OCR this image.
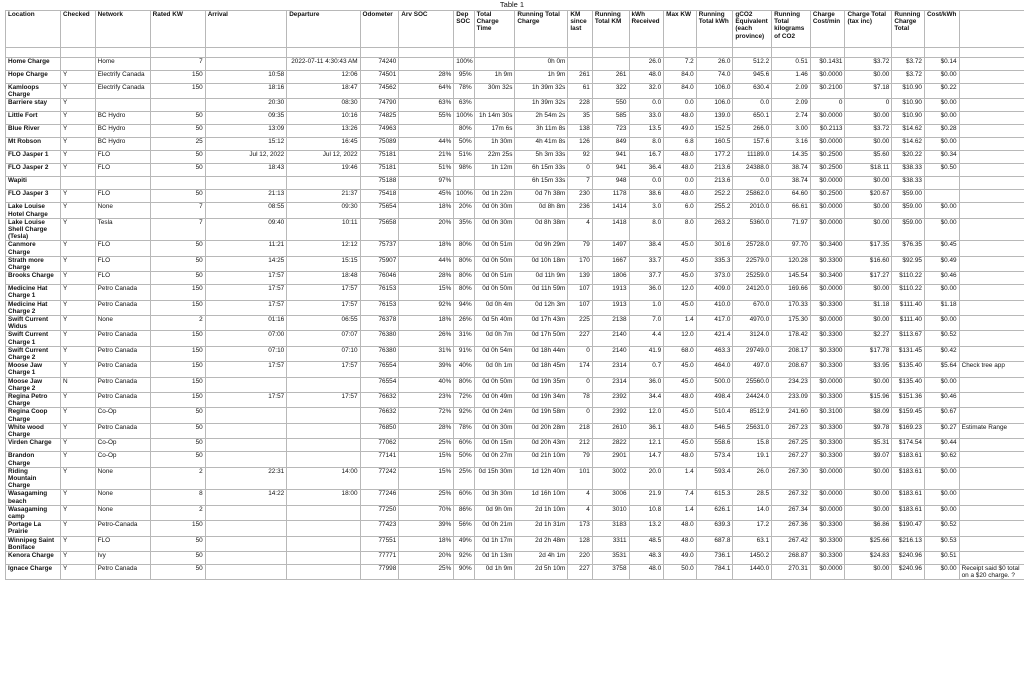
Table 1
Location	Checked	Network	Rated KW	Arrival	Departure	Odometer	Arv SOC	Dep SOC	Total Charge Time	Running Total Charge	KM since last	Running Total KM	kWh Received	Max KW	Running Total kWh	gCO2 Equivalent (each province)	Running Total kilograms of CO2	Charge Cost/min	Charge Total (tax inc)	Running Charge Total	Cost/kWh	

Home Charge		Home	7		2022-07-11 4:30:43 AM	74240		100%		0h 0m			26.0	7.2	26.0	512.2	0.51	$0.1431	$3.72	$3.72	$0.14	
Hope Charge	Y	Electrify Canada	150	10:58	12:06	74501	28%	95%	1h 9m	1h 9m	261	261	48.0	84.0	74.0	945.6	1.46	$0.0000	$0.00	$3.72	$0.00	
Kamloops Charge	Y	Electrify Canada	150	18:16	18:47	74562	64%	78%	30m 32s	1h 39m 32s	61	322	32.0	84.0	106.0	630.4	2.09	$0.2100	$7.18	$10.90	$0.22	
Barriere stay	Y			20:30	08:30	74790	63%	63%		1h 39m 32s	228	550	0.0	0.0	106.0	0.0	2.09	0	0	$10.90	$0.00	
Little Fort	Y	BC Hydro	50	09:35	10:16	74825	55%	100%	1h 14m 30s	2h 54m 2s	35	585	33.0	48.0	139.0	650.1	2.74	$0.0000	$0.00	$10.90	$0.00	
Blue River	Y	BC Hydro	50	13:09	13:26	74963		80%	17m 6s	3h 11m 8s	138	723	13.5	49.0	152.5	266.0	3.00	$0.2113	$3.72	$14.62	$0.28	
Mt Robson	Y	BC Hydro	25	15:12	16:45	75089	44%	50%	1h 30m	4h 41m 8s	126	849	8.0	6.8	160.5	157.6	3.16	$0.0000	$0.00	$14.62	$0.00	
FLO Jasper 1	Y	FLO	50	Jul 12, 2022	Jul 12, 2022	75181	21%	51%	22m 25s	5h 3m 33s	92	941	16.7	48.0	177.2	11189.0	14.35	$0.2500	$5.60	$20.22	$0.34	
FLO Jasper 2	Y	FLO	50	18:43	19:46	75181	51%	98%	1h 12m	6h 15m 33s	0	941	36.4	48.0	213.6	24388.0	38.74	$0.2500	$18.11	$38.33	$0.50	
Wapiti						75188	97%			6h 15m 33s	7	948	0.0	0.0	213.6	0.0	38.74	$0.0000	$0.00	$38.33		
FLO Jasper 3	Y	FLO	50	21:13	21:37	75418	45%	100%	0d 1h 22m	0d 7h 38m	230	1178	38.6	48.0	252.2	25862.0	64.60	$0.2500	$20.67	$59.00		
Lake Louise Hotel Charge	Y	None	7	08:55	09:30	75654	18%	20%	0d 0h 30m	0d 8h 8m	236	1414	3.0	6.0	255.2	2010.0	66.61	$0.0000	$0.00	$59.00	$0.00	
Lake Louise Shell Charge (Tesla)	Y	Tesla	7	09:40	10:11	75658	20%	35%	0d 0h 30m	0d 8h 38m	4	1418	8.0	8.0	263.2	5360.0	71.97	$0.0000	$0.00	$59.00	$0.00	
Canmore Charge	Y	FLO	50	11:21	12:12	75737	18%	80%	0d 0h 51m	0d 9h 29m	79	1497	38.4	45.0	301.6	25728.0	97.70	$0.3400	$17.35	$76.35	$0.45	
Strath more Charge	Y	FLO	50	14:25	15:15	75907	44%	80%	0d 0h 50m	0d 10h 18m	170	1667	33.7	45.0	335.3	22579.0	120.28	$0.3300	$16.60	$92.95	$0.49	
Brooks Charge	Y	FLO	50	17:57	18:48	76046	28%	80%	0d 0h 51m	0d 11h 9m	139	1806	37.7	45.0	373.0	25259.0	145.54	$0.3400	$17.27	$110.22	$0.46	
Medicine Hat Charge 1	Y	Petro Canada	150	17:57	17:57	76153	15%	80%	0d 0h 50m	0d 11h 59m	107	1913	36.0	12.0	409.0	24120.0	169.66	$0.0000	$0.00	$110.22	$0.00	
Medicine Hat Charge 2	Y	Petro Canada	150	17:57	17:57	76153	92%	94%	0d 0h 4m	0d 12h 3m	107	1913	1.0	45.0	410.0	670.0	170.33	$0.3300	$1.18	$111.40	$1.18	
Swift Current Widus	Y	None	2	01:16	06:55	76378	18%	26%	0d 5h 40m	0d 17h 43m	225	2138	7.0	1.4	417.0	4970.0	175.30	$0.0000	$0.00	$111.40	$0.00	
Swift Current Charge 1	Y	Petro Canada	150	07:00	07:07	76380	26%	31%	0d 0h 7m	0d 17h 50m	227	2140	4.4	12.0	421.4	3124.0	178.42	$0.3300	$2.27	$113.67	$0.52	
Swift Current Charge 2	Y	Petro Canada	150	07:10	07:10	76380	31%	91%	0d 0h 54m	0d 18h 44m	0	2140	41.9	68.0	463.3	29749.0	208.17	$0.3300	$17.78	$131.45	$0.42	
Moose Jaw Charge 1	Y	Petro Canada	150	17:57	17:57	76554	39%	40%	0d 0h 1m	0d 18h 45m	174	2314	0.7	45.0	464.0	497.0	208.67	$0.3300	$3.95	$135.40	$5.64	Check tree app
Moose Jaw Charge 2	N	Petro Canada	150			76554	40%	80%	0d 0h 50m	0d 19h 35m	0	2314	36.0	45.0	500.0	25560.0	234.23	$0.0000	$0.00	$135.40	$0.00	
Regina Petro Charge	Y	Petro Canada	150	17:57	17:57	76632	23%	72%	0d 0h 49m	0d 19h 34m	78	2392	34.4	48.0	498.4	24424.0	233.09	$0.3300	$15.96	$151.36	$0.46	
Regina Coop Charge	Y	Co-Op	50			76632	72%	92%	0d 0h 24m	0d 19h 58m	0	2392	12.0	45.0	510.4	8512.9	241.60	$0.3100	$8.09	$159.45	$0.67	
White wood Charge	Y	Petro Canada	50			76850	28%	78%	0d 0h 30m	0d 20h 28m	218	2610	36.1	48.0	546.5	25631.0	267.23	$0.3300	$9.78	$169.23	$0.27	Estimate Range
Virden Charge	Y	Co-Op	50			77062	25%	60%	0d 0h 15m	0d 20h 43m	212	2822	12.1	45.0	558.6	15.8	267.25	$0.3300	$5.31	$174.54	$0.44	
Brandon Charge	Y	Co-Op	50			77141	15%	50%	0d 0h 27m	0d 21h 10m	79	2901	14.7	48.0	573.4	19.1	267.27	$0.3300	$9.07	$183.61	$0.62	
Riding Mountain Charge	Y	None	2	22:31	14:00	77242	15%	25%	0d 15h 30m	1d 12h 40m	101	3002	20.0	1.4	593.4	26.0	267.30	$0.0000	$0.00	$183.61	$0.00	
Wasagaming beach	Y	None	8	14:22	18:00	77246	25%	60%	0d 3h 30m	1d 16h 10m	4	3006	21.9	7.4	615.3	28.5	267.32	$0.0000	$0.00	$183.61	$0.00	
Wasagaming camp	Y	None	2			77250	70%	86%	0d 9h 0m	2d 1h 10m	4	3010	10.8	1.4	626.1	14.0	267.34	$0.0000	$0.00	$183.61	$0.00	
Portage La Prairie	Y	Petro-Canada	150			77423	39%	56%	0d 0h 21m	2d 1h 31m	173	3183	13.2	48.0	639.3	17.2	267.36	$0.3300	$6.86	$190.47	$0.52	
Winnipeg Saint Boniface	Y	FLO	50			77551	18%	49%	0d 1h 17m	2d 2h 48m	128	3311	48.5	48.0	687.8	63.1	267.42	$0.3300	$25.66	$216.13	$0.53	
Kenora Charge	Y	Ivy	50			77771	20%	92%	0d 1h 13m	2d 4h 1m	220	3531	48.3	49.0	736.1	1450.2	268.87	$0.3300	$24.83	$240.96	$0.51	
Ignace Charge	Y	Petro Canada	50			77998	25%	90%	0d 1h 9m	2d 5h 10m	227	3758	48.0	50.0	784.1	1440.0	270.31	$0.0000	$0.00	$240.96	$0.00	Receipt said $0 total on a $20 charge. ?
